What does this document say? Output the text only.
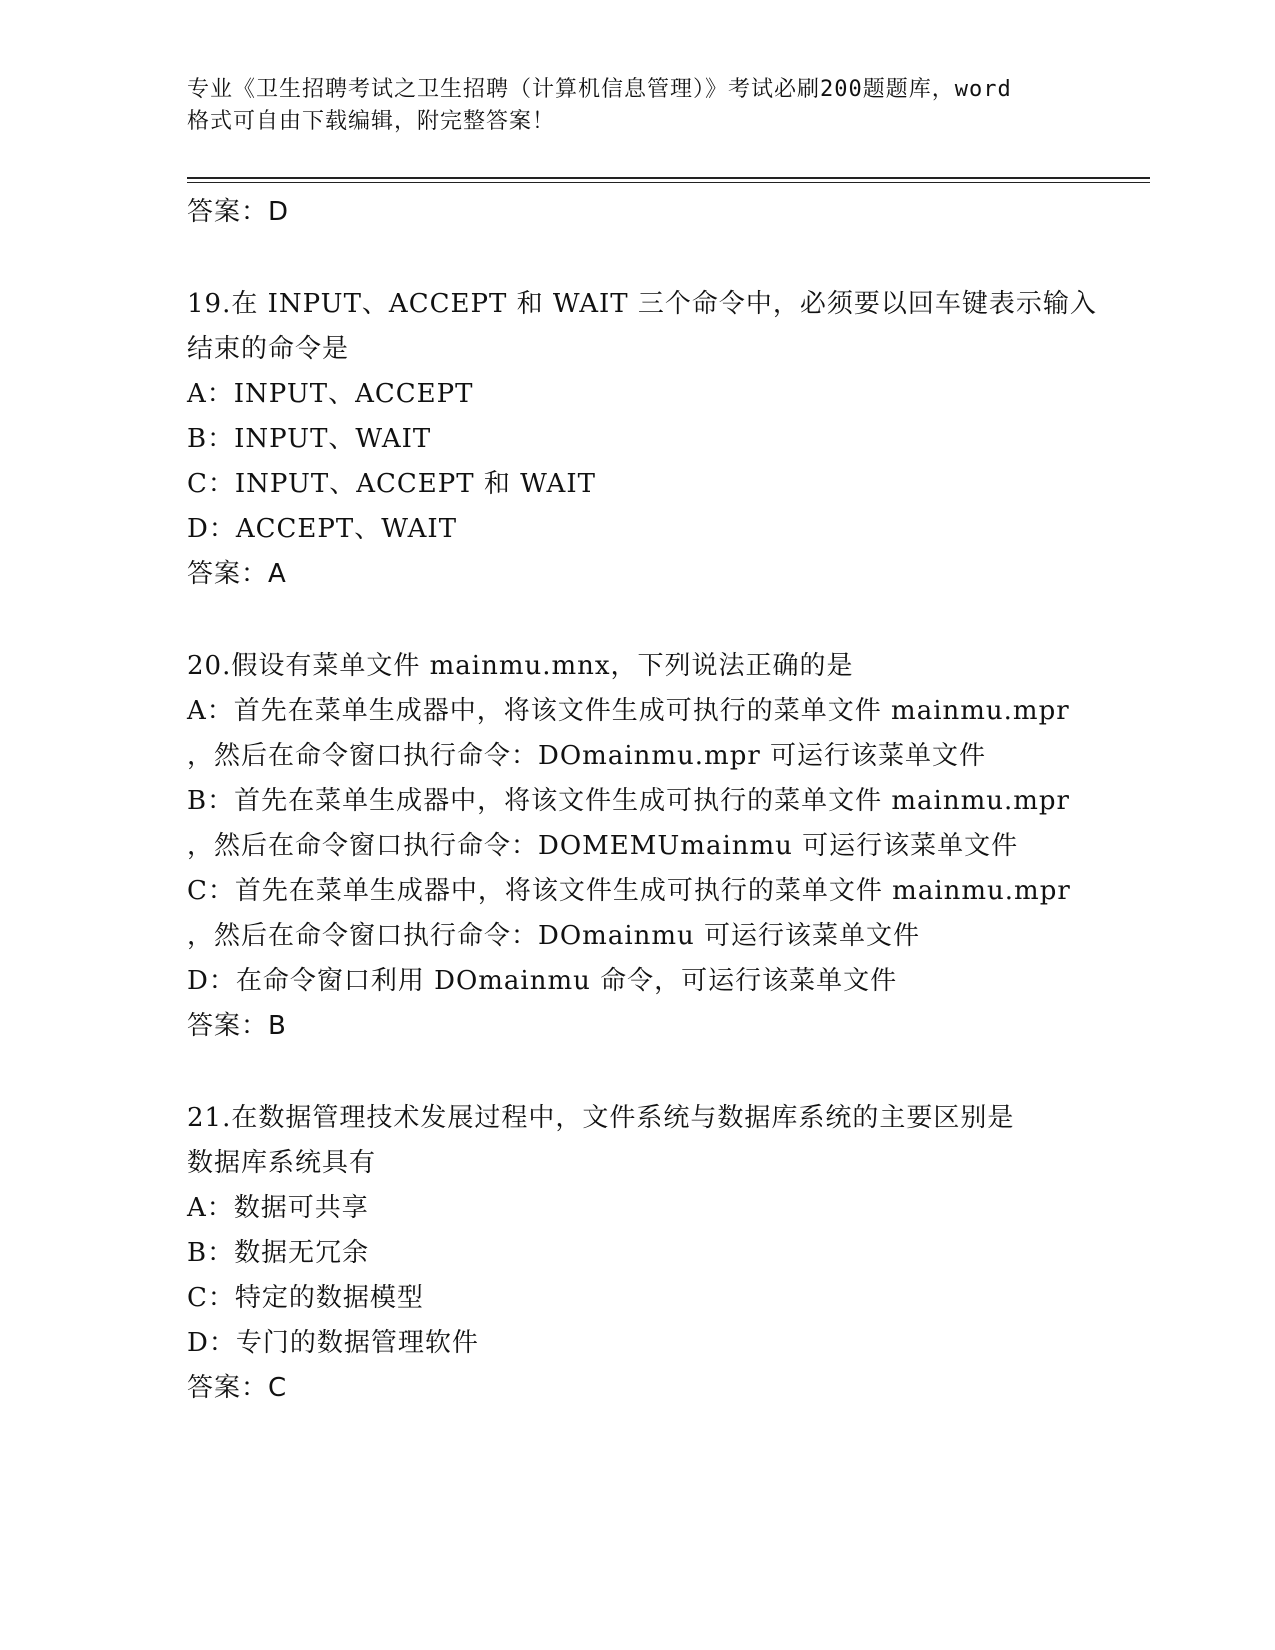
专业《卫生招聘考试之卫生招聘（计算机信息管理）》考试必刷200题题库，word
格式可自由下载编辑，附完整答案！
答案：D
19.在 INPUT、ACCEPT 和 WAIT 三个命令中，必须要以回车键表示输入
结束的命令是
A：INPUT、ACCEPT
B：INPUT、WAIT
C：INPUT、ACCEPT 和 WAIT
D：ACCEPT、WAIT
答案：A
20.假设有菜单文件 mainmu.mnx，下列说法正确的是
A：首先在菜单生成器中，将该文件生成可执行的菜单文件 mainmu.mpr
，然后在命令窗口执行命令：DOmainmu.mpr 可运行该菜单文件
B：首先在菜单生成器中，将该文件生成可执行的菜单文件 mainmu.mpr
，然后在命令窗口执行命令：DOMEMUmainmu 可运行该菜单文件
C：首先在菜单生成器中，将该文件生成可执行的菜单文件 mainmu.mpr
，然后在命令窗口执行命令：DOmainmu 可运行该菜单文件
D：在命令窗口利用 DOmainmu 命令，可运行该菜单文件
答案：B
21.在数据管理技术发展过程中，文件系统与数据库系统的主要区别是
数据库系统具有
A：数据可共享
B：数据无冗余
C：特定的数据模型
D：专门的数据管理软件
答案：C
